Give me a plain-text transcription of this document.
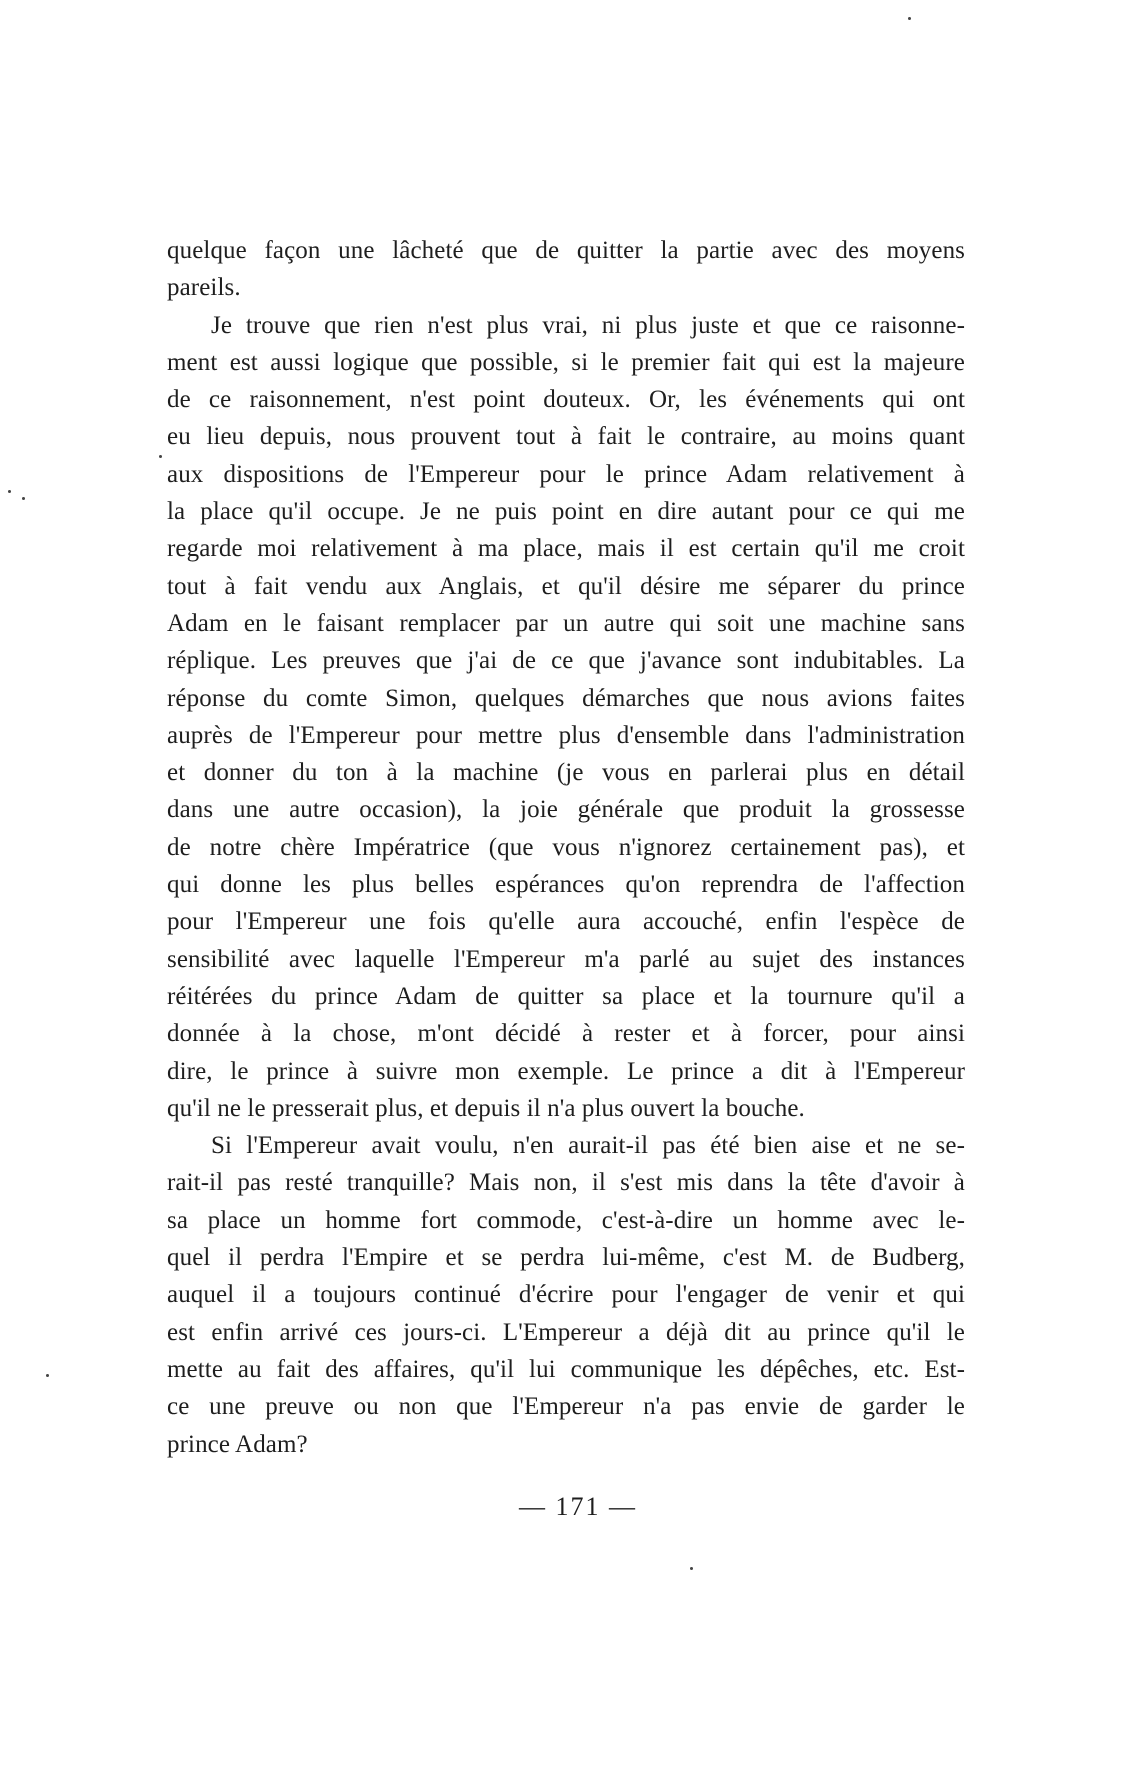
quelque façon une lâcheté que de quitter la partie avec des moyens
pareils.
Je trouve que rien n'est plus vrai, ni plus juste et que ce raisonne-
ment est aussi logique que possible, si le premier fait qui est la majeure
de ce raisonnement, n'est point douteux. Or, les événements qui ont
eu lieu depuis, nous prouvent tout à fait le contraire, au moins quant
aux dispositions de l'Empereur pour le prince Adam relativement à
la place qu'il occupe. Je ne puis point en dire autant pour ce qui me
regarde moi relativement à ma place, mais il est certain qu'il me croit
tout à fait vendu aux Anglais, et qu'il désire me séparer du prince
Adam en le faisant remplacer par un autre qui soit une machine sans
réplique. Les preuves que j'ai de ce que j'avance sont indubitables. La
réponse du comte Simon, quelques démarches que nous avions faites
auprès de l'Empereur pour mettre plus d'ensemble dans l'administration
et donner du ton à la machine (je vous en parlerai plus en détail
dans une autre occasion), la joie générale que produit la grossesse
de notre chère Impératrice (que vous n'ignorez certainement pas), et
qui donne les plus belles espérances qu'on reprendra de l'affection
pour l'Empereur une fois qu'elle aura accouché, enfin l'espèce de
sensibilité avec laquelle l'Empereur m'a parlé au sujet des instances
réitérées du prince Adam de quitter sa place et la tournure qu'il a
donnée à la chose, m'ont décidé à rester et à forcer, pour ainsi
dire, le prince à suivre mon exemple. Le prince a dit à l'Empereur
qu'il ne le presserait plus, et depuis il n'a plus ouvert la bouche.
Si l'Empereur avait voulu, n'en aurait-il pas été bien aise et ne se-
rait-il pas resté tranquille? Mais non, il s'est mis dans la tête d'avoir à
sa place un homme fort commode, c'est-à-dire un homme avec le-
quel il perdra l'Empire et se perdra lui-même, c'est M. de Budberg,
auquel il a toujours continué d'écrire pour l'engager de venir et qui
est enfin arrivé ces jours-ci. L'Empereur a déjà dit au prince qu'il le
mette au fait des affaires, qu'il lui communique les dépêches, etc. Est-
ce une preuve ou non que l'Empereur n'a pas envie de garder le
prince Adam?
— 171 —
